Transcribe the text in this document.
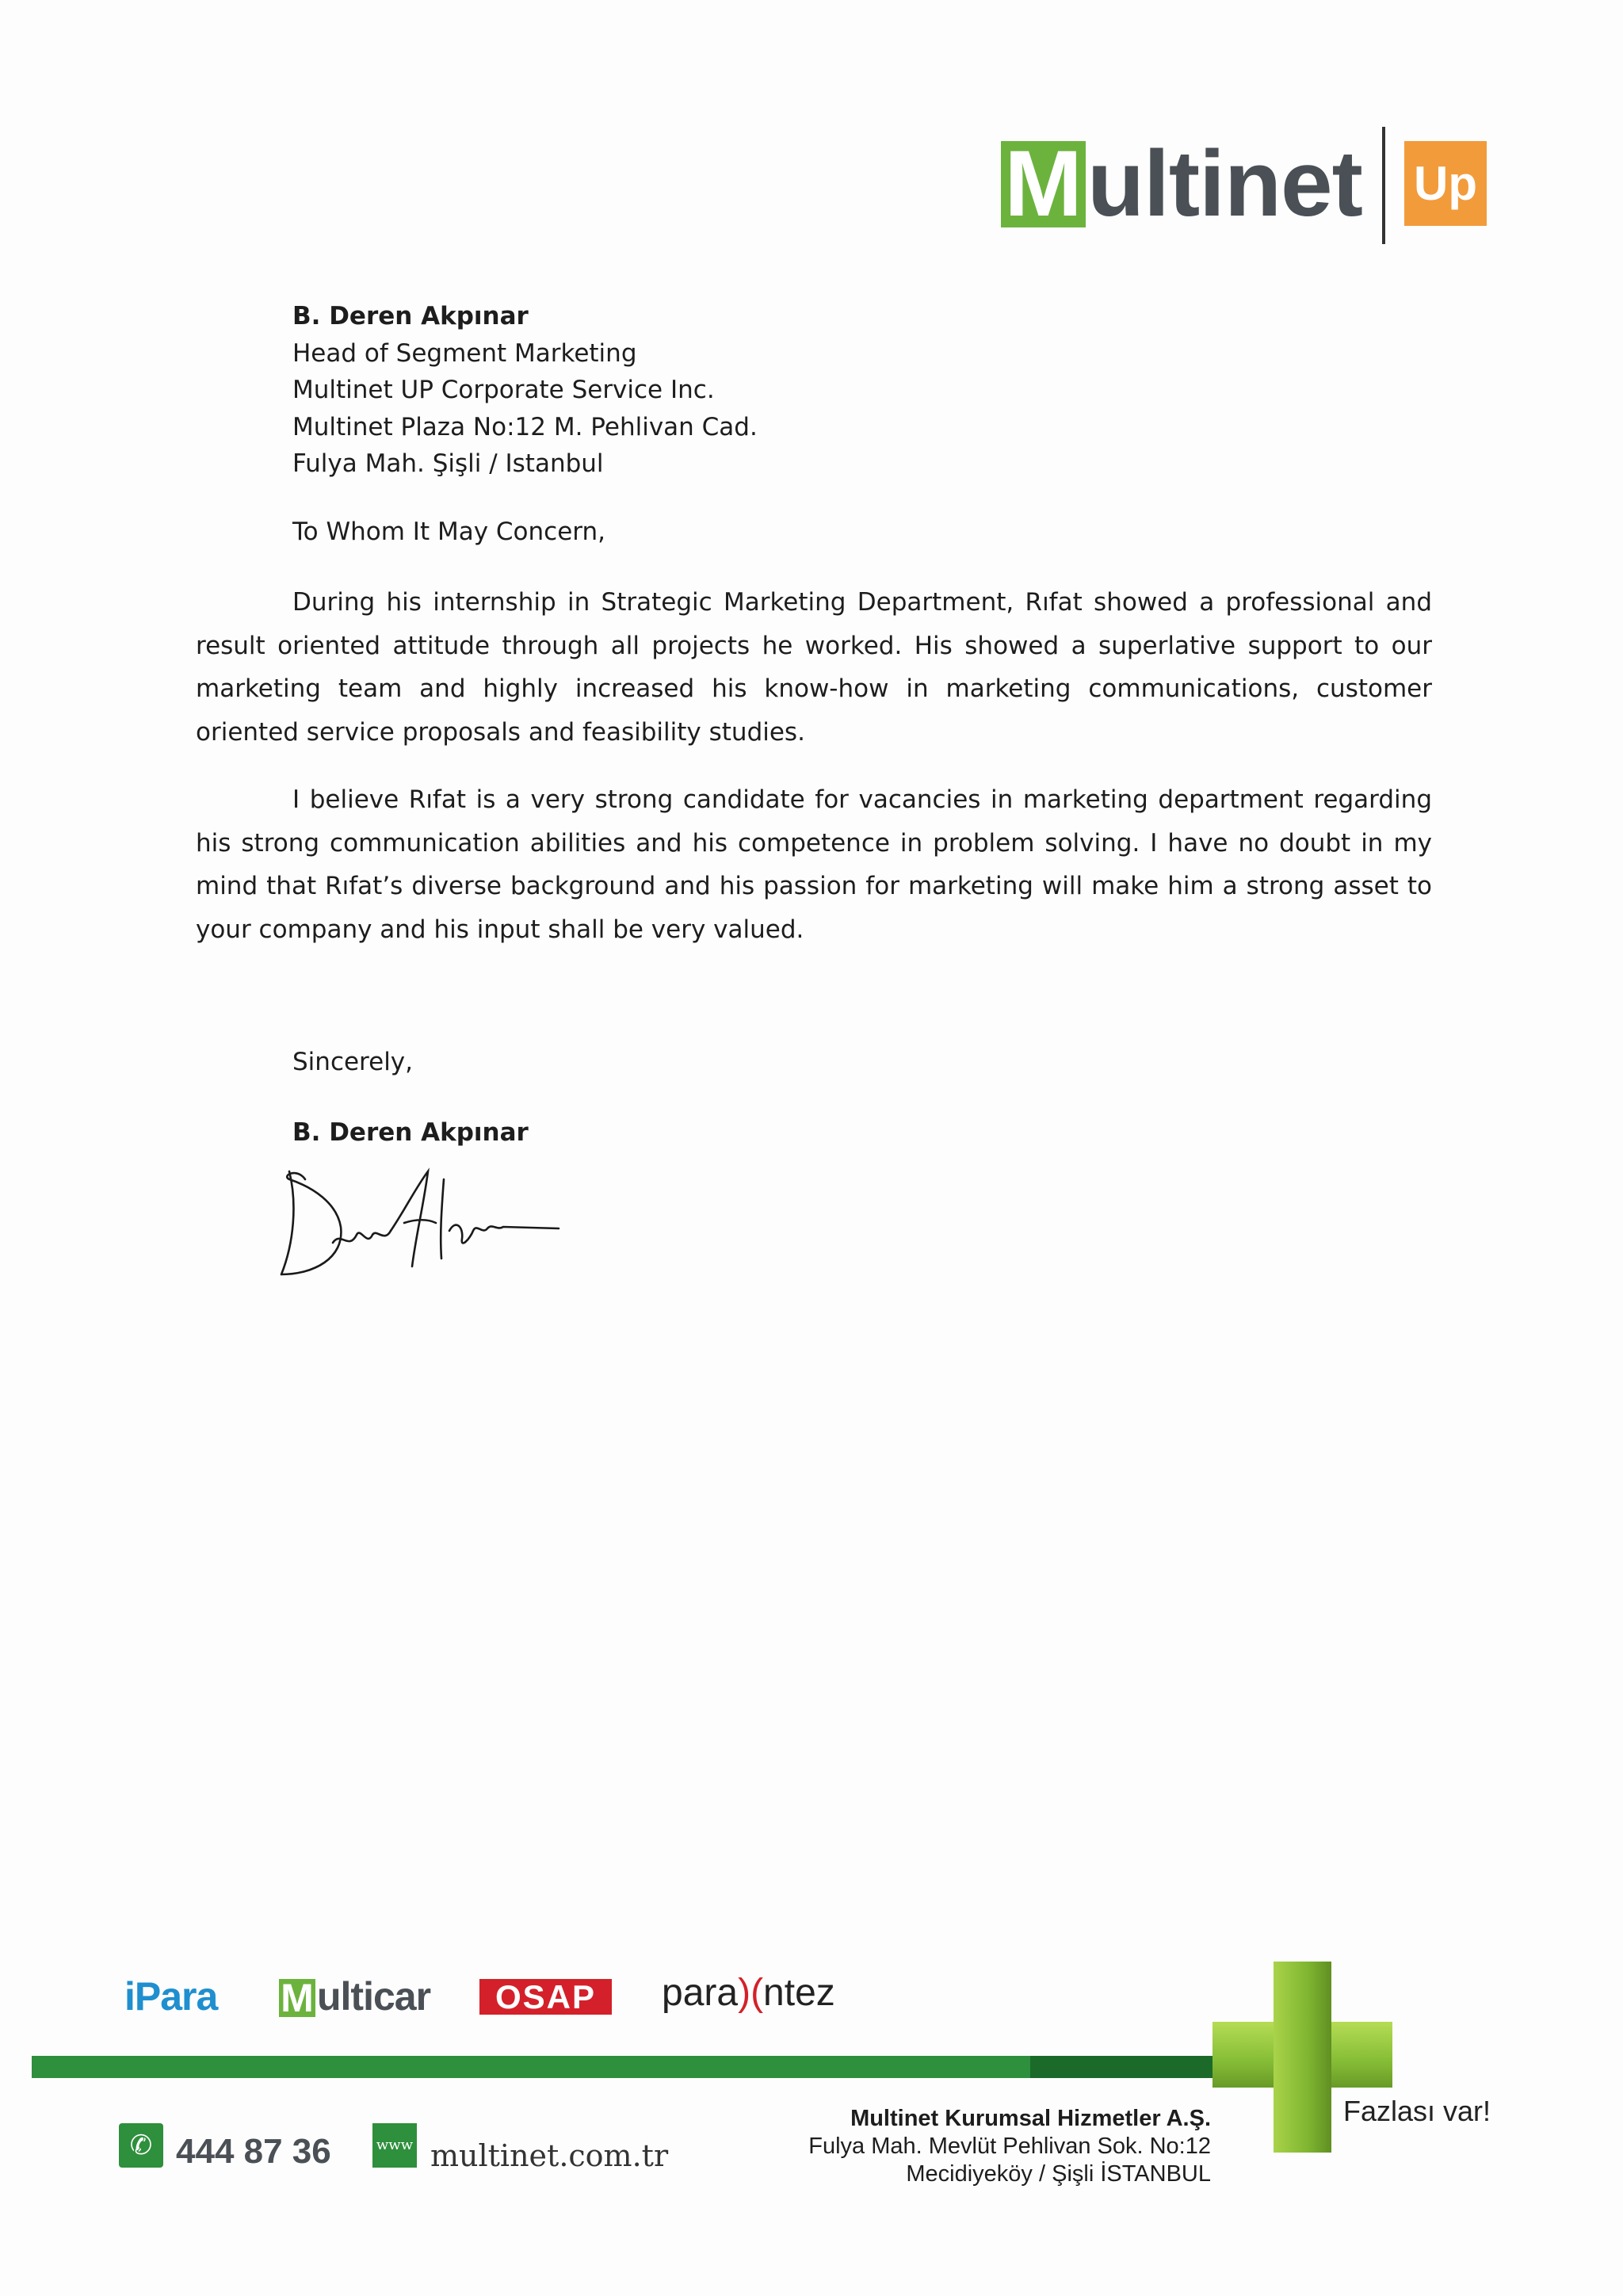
M ultinet Up
B. Deren Akpınar
Head of Segment Marketing
Multinet UP Corporate Service Inc.
Multinet Plaza No:12 M. Pehlivan Cad.
Fulya Mah. Şişli / Istanbul
To Whom It May Concern,

During his internship in Strategic Marketing Department, Rıfat showed a professional and result oriented attitude through all projects he worked. His showed a superlative support to our marketing team and highly increased his know-how in marketing communications, customer oriented service proposals and feasibility studies.

I believe Rıfat is a very strong candidate for vacancies in marketing department regarding his strong communication abilities and his competence in problem solving. I have no doubt in my mind that Rıfat’s diverse background and his passion for marketing will make him a strong asset to your company and his input shall be very valued.

Sincerely,
B. Deren Akpınar
iPara M ulticar	OSAP	para)(ntez
Fazlası var!
✆ 444 87 36	www multinet.com.tr
Multinet Kurumsal Hizmetler A.Ş.
Fulya Mah. Mevlüt Pehlivan Sok. No:12
Mecidiyeköy / Şişli İSTANBUL
